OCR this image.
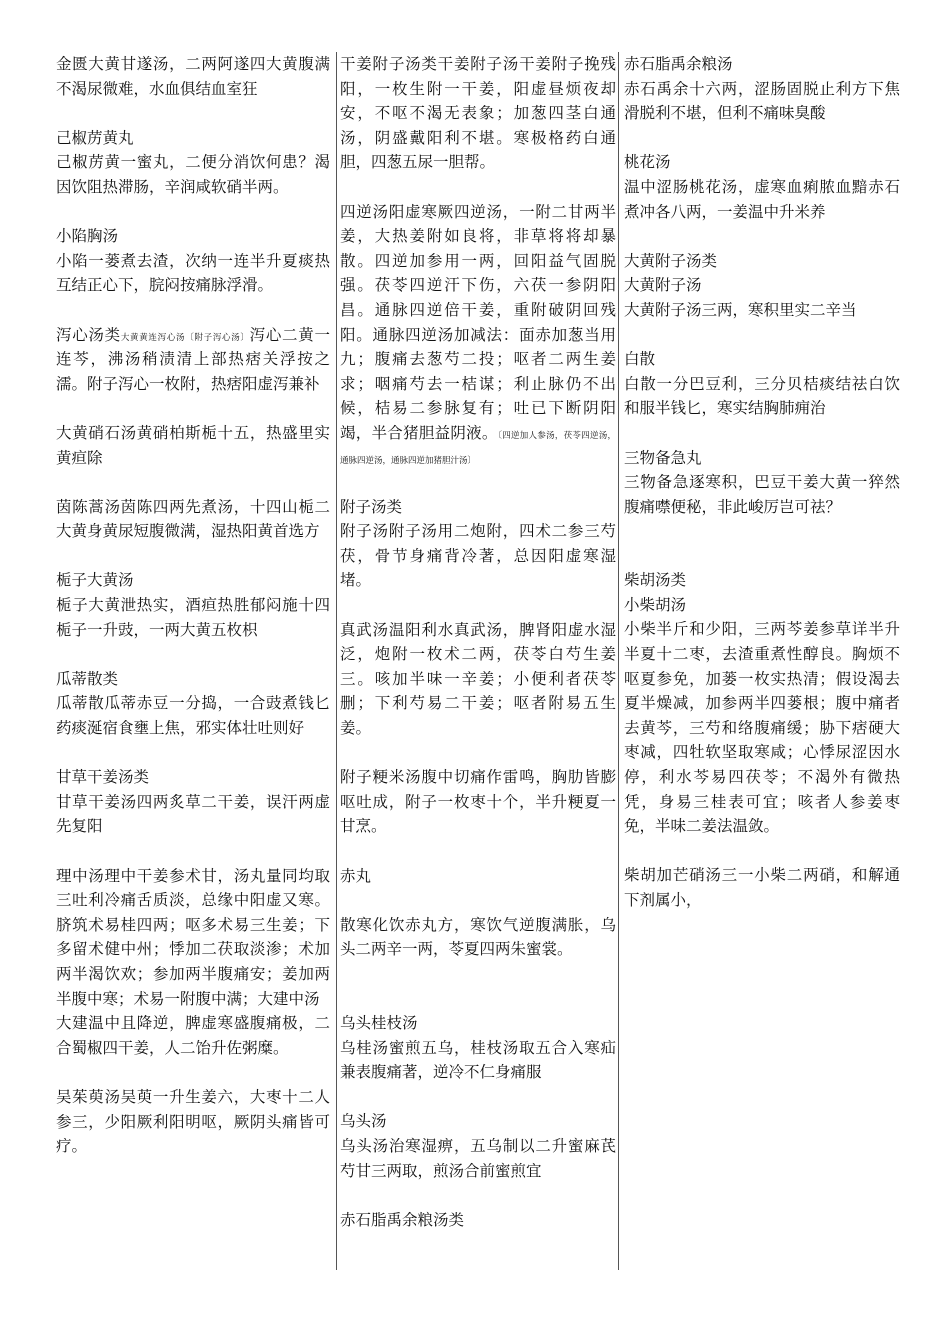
金匮大黄甘遂汤，二两阿遂四大黄腹满不渴尿微难，水血俱结血室狂
己椒苈黄丸
己椒苈黄一蜜丸，二便分消饮何患？渴因饮阻热滞肠，辛润咸软硝半两。
小陷胸汤
小陷一蒌煮去渣，次纳一连半升夏痰热互结正心下，脘闷按痛脉浮滑。
泻心汤类大黄黄连泻心汤〔附子泻心汤〕泻心二黄一连芩，沸汤稍渍清上部热痞关浮按之濡。附子泻心一枚附，热痞阳虚泻兼补
大黄硝石汤黄硝柏斯栀十五，热盛里实黄疸除
茵陈蒿汤茵陈四两先煮汤，十四山栀二大黄身黄尿短腹微满，湿热阳黄首选方
栀子大黄汤
栀子大黄泄热实，酒疸热胜郁闷施十四栀子一升豉，一两大黄五枚枳
瓜蒂散类
瓜蒂散瓜蒂赤豆一分捣，一合豉煮钱匕药痰涎宿食壅上焦，邪实体壮吐则好
甘草干姜汤类
甘草干姜汤四两炙草二干姜，误汗两虚先复阳
理中汤理中干姜参术甘，汤丸量同均取三吐利冷痛舌质淡，总缘中阳虚又寒。脐筑术易桂四两；呕多术易三生姜；下多留术健中州；悸加二茯取淡渗；术加两半渴饮欢；参加两半腹痛安；姜加两半腹中寒；术易一附腹中满；大建中汤
大建温中且降逆，脾虚寒盛腹痛极，二合蜀椒四干姜，人二饴升佐粥糜。
吴茱萸汤吴萸一升生姜六，大枣十二人参三，少阳厥利阳明呕，厥阴头痛皆可疗。
干姜附子汤类干姜附子汤干姜附子挽残阳，一枚生附一干姜，阳虚昼烦夜却安，不呕不渴无表象；加葱四茎白通汤，阴盛戴阳利不堪。寒极格药白通胆，四葱五尿一胆帮。
四逆汤阳虚寒厥四逆汤，一附二甘两半姜，大热姜附如良将，非草将将却暴散。四逆加参用一两，回阳益气固脱强。茯苓四逆汗下伤，六茯一参阴阳昌。通脉四逆倍干姜，重附破阴回残阳。通脉四逆汤加减法：面赤加葱当用九；腹痛去葱芍二投；呕者二两生姜求；咽痛芍去一桔谋；利止脉仍不出候，桔易二参脉复有；吐已下断阴阳竭，半合猪胆益阴液。〔四逆加人参汤，茯苓四逆汤，通脉四逆汤，通脉四逆加猪胆汁汤〕
附子汤类
附子汤附子汤用二炮附，四术二参三芍茯，骨节身痛背冷著，总因阳虚寒湿堵。
真武汤温阳利水真武汤，脾肾阳虚水湿泛，炮附一枚术二两，茯苓白芍生姜三。咳加半味一辛姜；小便利者茯苓删；下利芍易二干姜；呕者附易五生姜。
附子粳米汤腹中切痛作雷鸣，胸肋皆膨呕吐成，附子一枚枣十个，半升粳夏一甘烹。
赤丸
散寒化饮赤丸方，寒饮气逆腹满胀，乌头二两辛一两，苓夏四两朱蜜裳。
乌头桂枝汤
乌桂汤蜜煎五乌，桂枝汤取五合入寒疝兼表腹痛著，逆冷不仁身痛服
乌头汤
乌头汤治寒湿痹，五乌制以二升蜜麻芪芍甘三两取，煎汤合前蜜煎宜
赤石脂禹余粮汤类
赤石脂禹余粮汤
赤石禹余十六两，涩肠固脱止利方下焦滑脱利不堪，但利不痛味臭酸
桃花汤
温中涩肠桃花汤，虚寒血痢脓血黯赤石煮冲各八两，一姜温中升米养
大黄附子汤类
大黄附子汤
大黄附子汤三两，寒积里实二辛当
白散
白散一分巴豆利，三分贝桔痰结祛白饮和服半钱匕，寒实结胸肺痈治
三物备急丸
三物备急逐寒积，巴豆干姜大黄一猝然腹痛噤便秘，非此峻厉岂可祛？
柴胡汤类
小柴胡汤
小柴半斤和少阳，三两芩姜参草详半升半夏十二枣，去渣重煮性醇良。胸烦不呕夏参免，加蒌一枚实热清；假设渴去夏半燥减，加参两半四蒌根；腹中痛者去黄芩，三芍和络腹痛缓；胁下痞硬大枣减，四牡软坚取寒咸；心悸尿涩因水停，利水芩易四茯苓；不渴外有微热凭，身易三桂表可宜；咳者人参姜枣免，半味二姜法温敛。
柴胡加芒硝汤三一小柴二两硝，和解通下剂属小，
